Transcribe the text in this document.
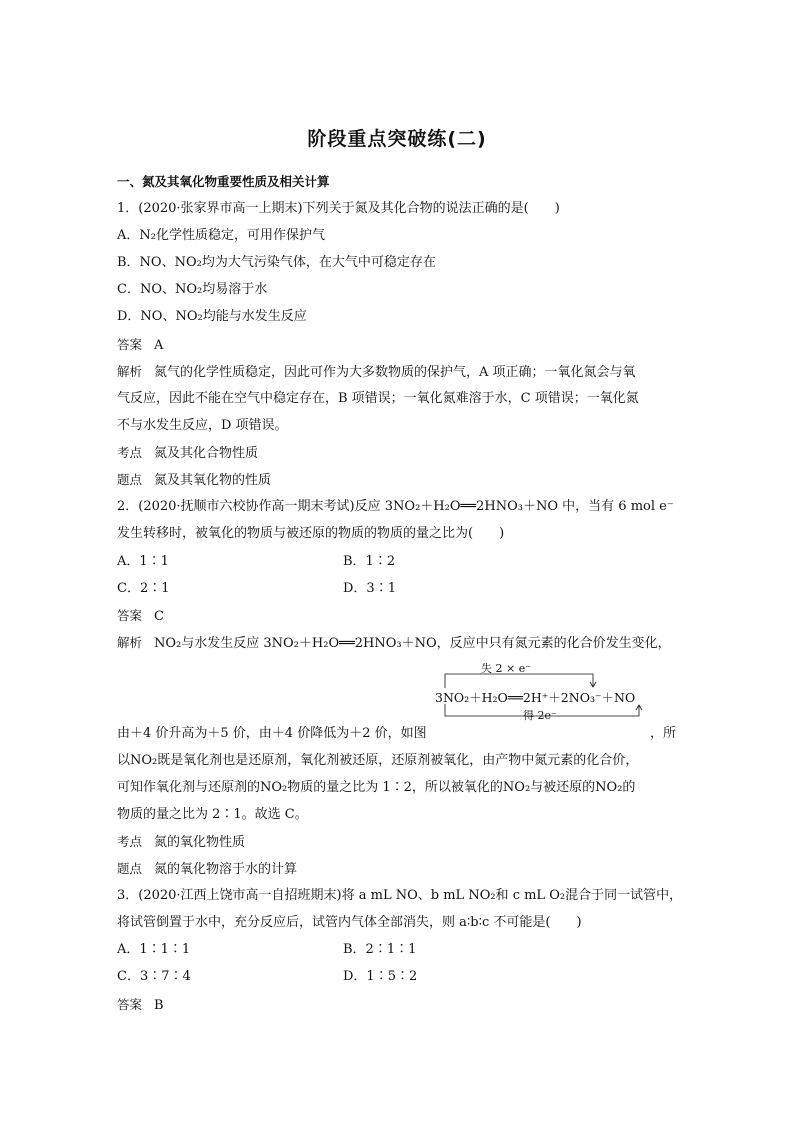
阶段重点突破练(二)
一、氮及其氧化物重要性质及相关计算
1．(2020·张家界市高一上期末)下列关于氮及其化合物的说法正确的是(　　)
A．N₂化学性质稳定，可用作保护气
B．NO、NO₂均为大气污染气体，在大气中可稳定存在
C．NO、NO₂均易溶于水
D．NO、NO₂均能与水发生反应
答案 A
解析 氮气的化学性质稳定，因此可作为大多数物质的保护气，A 项正确；一氧化氮会与氧
气反应，因此不能在空气中稳定存在，B 项错误；一氧化氮难溶于水，C 项错误；一氧化氮
不与水发生反应，D 项错误。
考点 氮及其化合物性质
题点 氮及其氧化物的性质
2．(2020·抚顺市六校协作高一期末考试)反应 3NO₂＋H₂O══2HNO₃＋NO 中，当有 6 mol e⁻
发生转移时，被氧化的物质与被还原的物质的物质的量之比为(　　)
A．1∶1	B．1∶2
C．2∶1	D．3∶1
答案 C
解析 NO₂与水发生反应 3NO₂＋H₂O══2HNO₃＋NO，反应中只有氮元素的化合价发生变化，
失 2 × e⁻
3NO₂＋H₂O══2H⁺＋2NO₃⁻＋NO
得 2e⁻
由＋4 价升高为＋5 价，由＋4 价降低为＋2 价，如图	，所
以NO₂既是氧化剂也是还原剂，氧化剂被还原，还原剂被氧化，由产物中氮元素的化合价，
可知作氧化剂与还原剂的NO₂物质的量之比为 1∶2，所以被氧化的NO₂与被还原的NO₂的
物质的量之比为 2∶1。故选 C。
考点 氮的氧化物性质
题点 氮的氧化物溶于水的计算
3．(2020·江西上饶市高一自招班期末)将 a mL NO、b mL NO₂和 c mL O₂混合于同一试管中，
将试管倒置于水中，充分反应后，试管内气体全部消失，则 a∶b∶c 不可能是(　　)
A．1∶1∶1	B．2∶1∶1
C．3∶7∶4	D．1∶5∶2
答案 B
